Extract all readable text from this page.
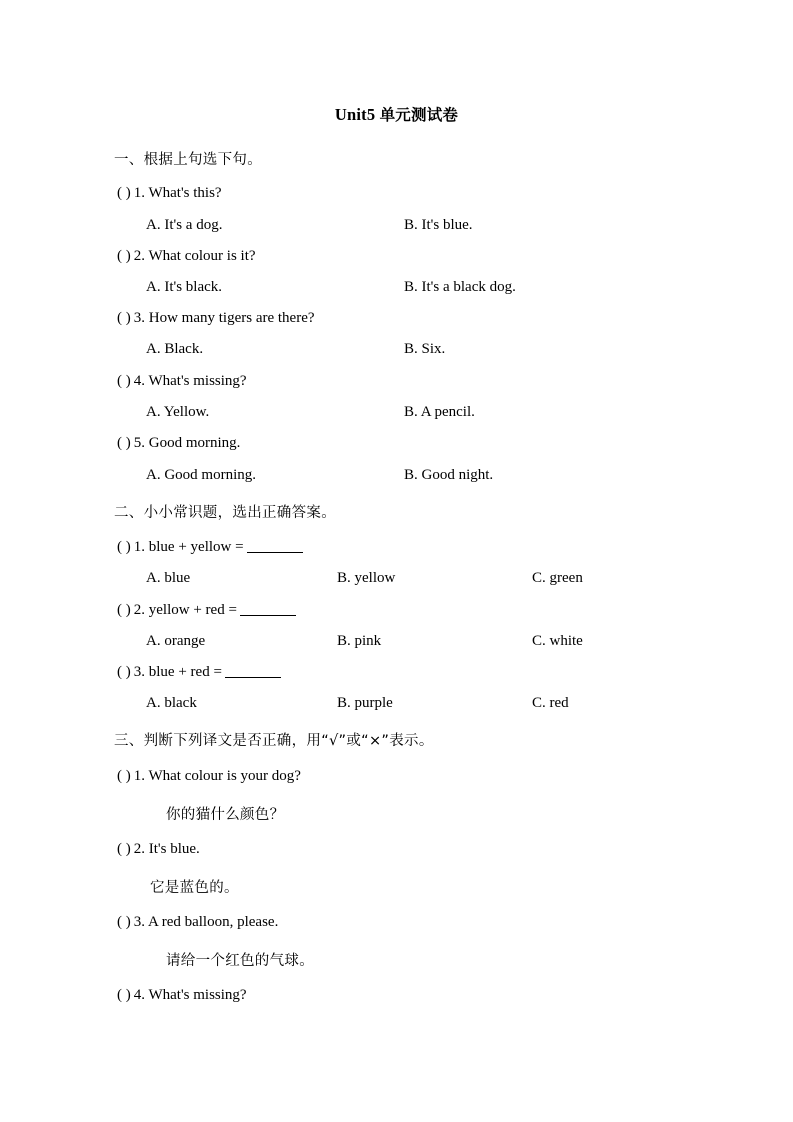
Unit5 单元测试卷
一、根据上句选下句。
( ) 1. What's this?
A. It's a dog.	B. It's blue.
( ) 2. What colour is it?
A. It's black.	B. It's a black dog.
( ) 3. How many tigers are there?
A. Black.	B. Six.
( ) 4. What's missing?
A. Yellow.	B. A pencil.
( ) 5. Good morning.
A. Good morning.	B. Good night.
二、小小常识题，选出正确答案。
( ) 1. blue + yellow =
A. blue	B. yellow	C. green
( ) 2. yellow + red =
A. orange	B. pink	C. white
( ) 3. blue + red =
A. black	B. purple	C. red
三、判断下列译文是否正确，用“√”或“×”表示。
( ) 1. What colour is your dog?
你的猫什么颜色？
( ) 2. It's blue.
它是蓝色的。
( ) 3. A red balloon, please.
请给一个红色的气球。
( ) 4. What's missing?
